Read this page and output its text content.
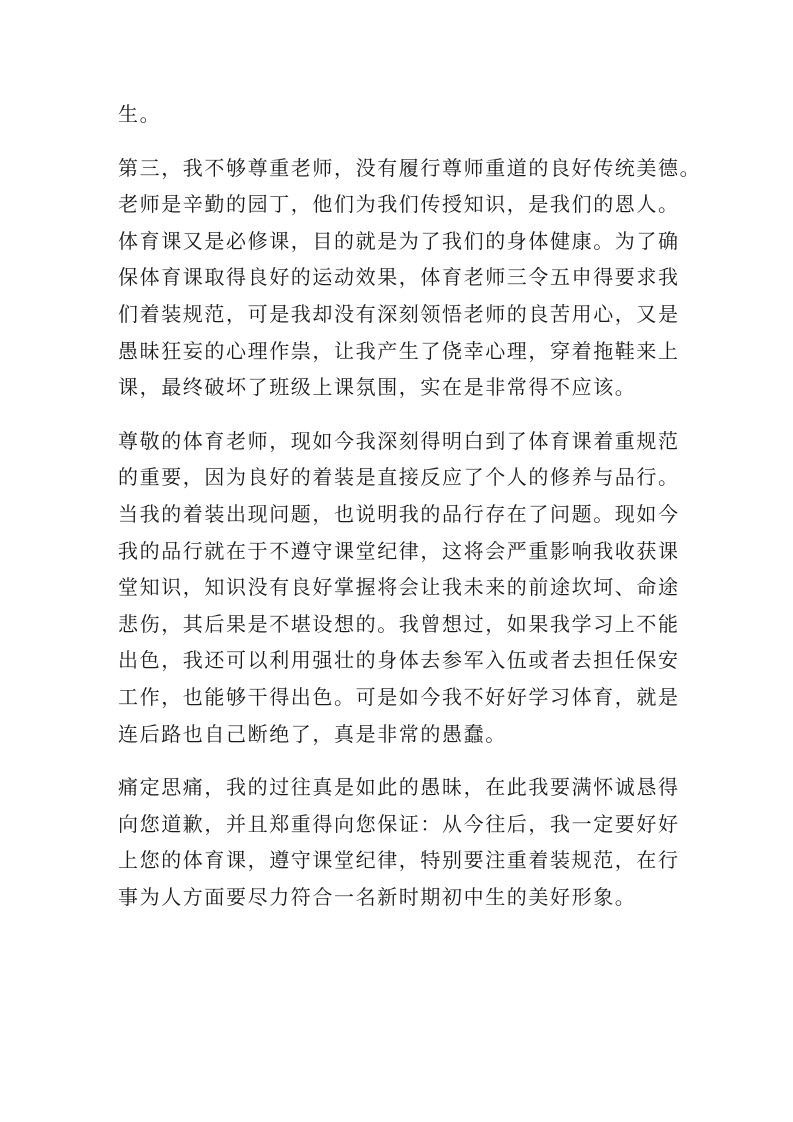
生。
第三，我不够尊重老师，没有履行尊师重道的良好传统美德。
老师是辛勤的园丁，他们为我们传授知识，是我们的恩人。
体育课又是必修课，目的就是为了我们的身体健康。为了确
保体育课取得良好的运动效果，体育老师三令五申得要求我
们着装规范，可是我却没有深刻领悟老师的良苦用心，又是
愚昧狂妄的心理作祟，让我产生了侥幸心理，穿着拖鞋来上
课，最终破坏了班级上课氛围，实在是非常得不应该。
尊敬的体育老师，现如今我深刻得明白到了体育课着重规范
的重要，因为良好的着装是直接反应了个人的修养与品行。
当我的着装出现问题，也说明我的品行存在了问题。现如今
我的品行就在于不遵守课堂纪律，这将会严重影响我收获课
堂知识，知识没有良好掌握将会让我未来的前途坎坷、命途
悲伤，其后果是不堪设想的。我曾想过，如果我学习上不能
出色，我还可以利用强壮的身体去参军入伍或者去担任保安
工作，也能够干得出色。可是如今我不好好学习体育，就是
连后路也自己断绝了，真是非常的愚蠢。
痛定思痛，我的过往真是如此的愚昧，在此我要满怀诚恳得
向您道歉，并且郑重得向您保证：从今往后，我一定要好好
上您的体育课，遵守课堂纪律，特别要注重着装规范，在行
事为人方面要尽力符合一名新时期初中生的美好形象。
